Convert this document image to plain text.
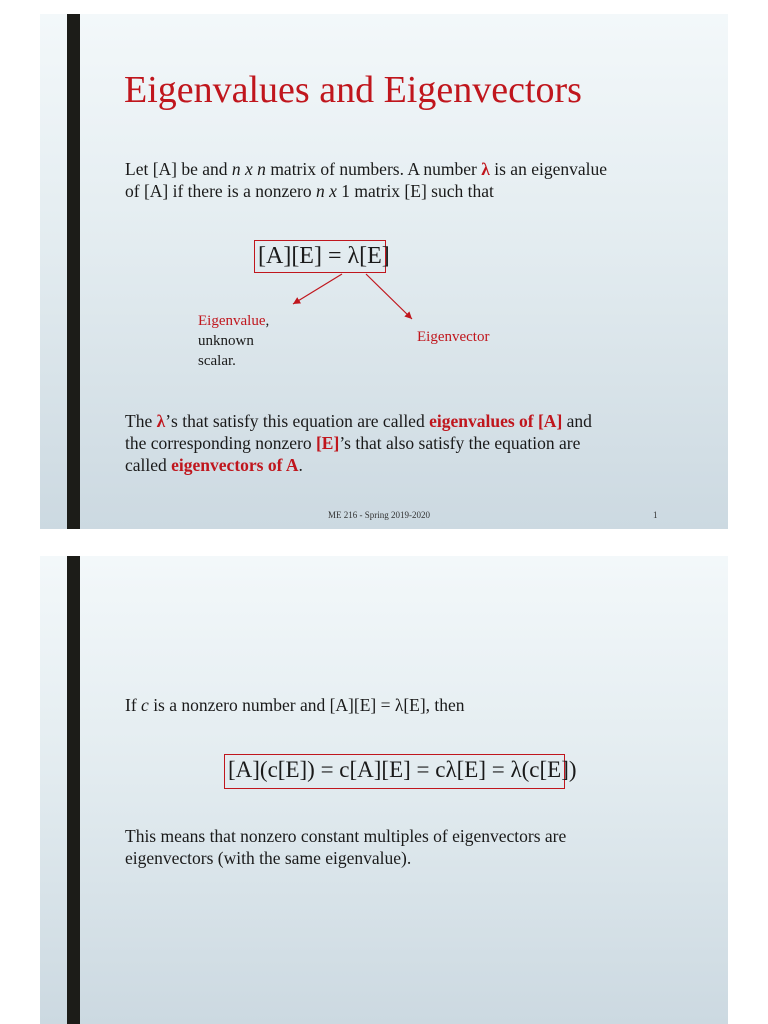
Eigenvalues and Eigenvectors
Let [A] be and n x n matrix of numbers. A number λ is an eigenvalue
of [A] if there is a nonzero n x 1 matrix [E] such that
[A][E] = λ[E]
Eigenvalue,
unknown
scalar.
Eigenvector
The λ’s that satisfy this equation are called eigenvalues of [A] and
the corresponding nonzero [E]’s that also satisfy the equation are
called eigenvectors of A.
ME 216 - Spring 2019-2020	1
If c is a nonzero number and [A][E] = λ[E], then
[A](c[E]) = c[A][E] = cλ[E] = λ(c[E])
This means that nonzero constant multiples of eigenvectors are
eigenvectors (with the same eigenvalue).
